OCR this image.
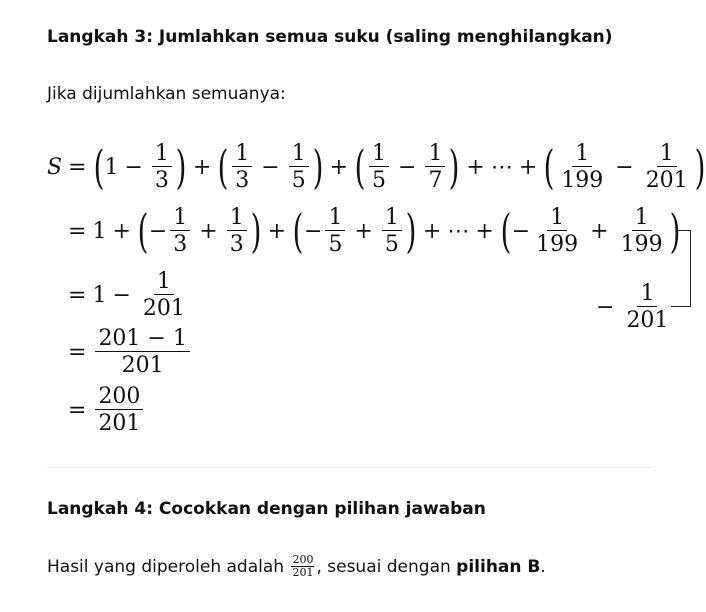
Langkah 3: Jumlahkan semua suku (saling menghilangkan)

Jika dijumlahkan semuanya:

S = ( $1 - \frac{1}{3}$ ) + ( $\frac{1}{3} - \frac{1}{5}$ ) + ( $\frac{1}{5} - \frac{1}{7}$ ) + ⋯ + ( $\frac{1}{199} - \frac{1}{201}$ )
= 1 + ( − $\frac{1}{3} + \frac{1}{3}$ ) + ( − $\frac{1}{5} + \frac{1}{5}$ ) + ⋯ + ( − $\frac{1}{199} + \frac{1}{199}$ )
= $1 - \frac{1}{201}$	− $\frac{1}{201}$
= $\frac{201 - 1}{201}$
= $\frac{200}{201}$
Langkah 4: Cocokkan dengan pilihan jawaban

Hasil yang diperoleh adalah $\frac{200}{201}$ , sesuai dengan pilihan B .
